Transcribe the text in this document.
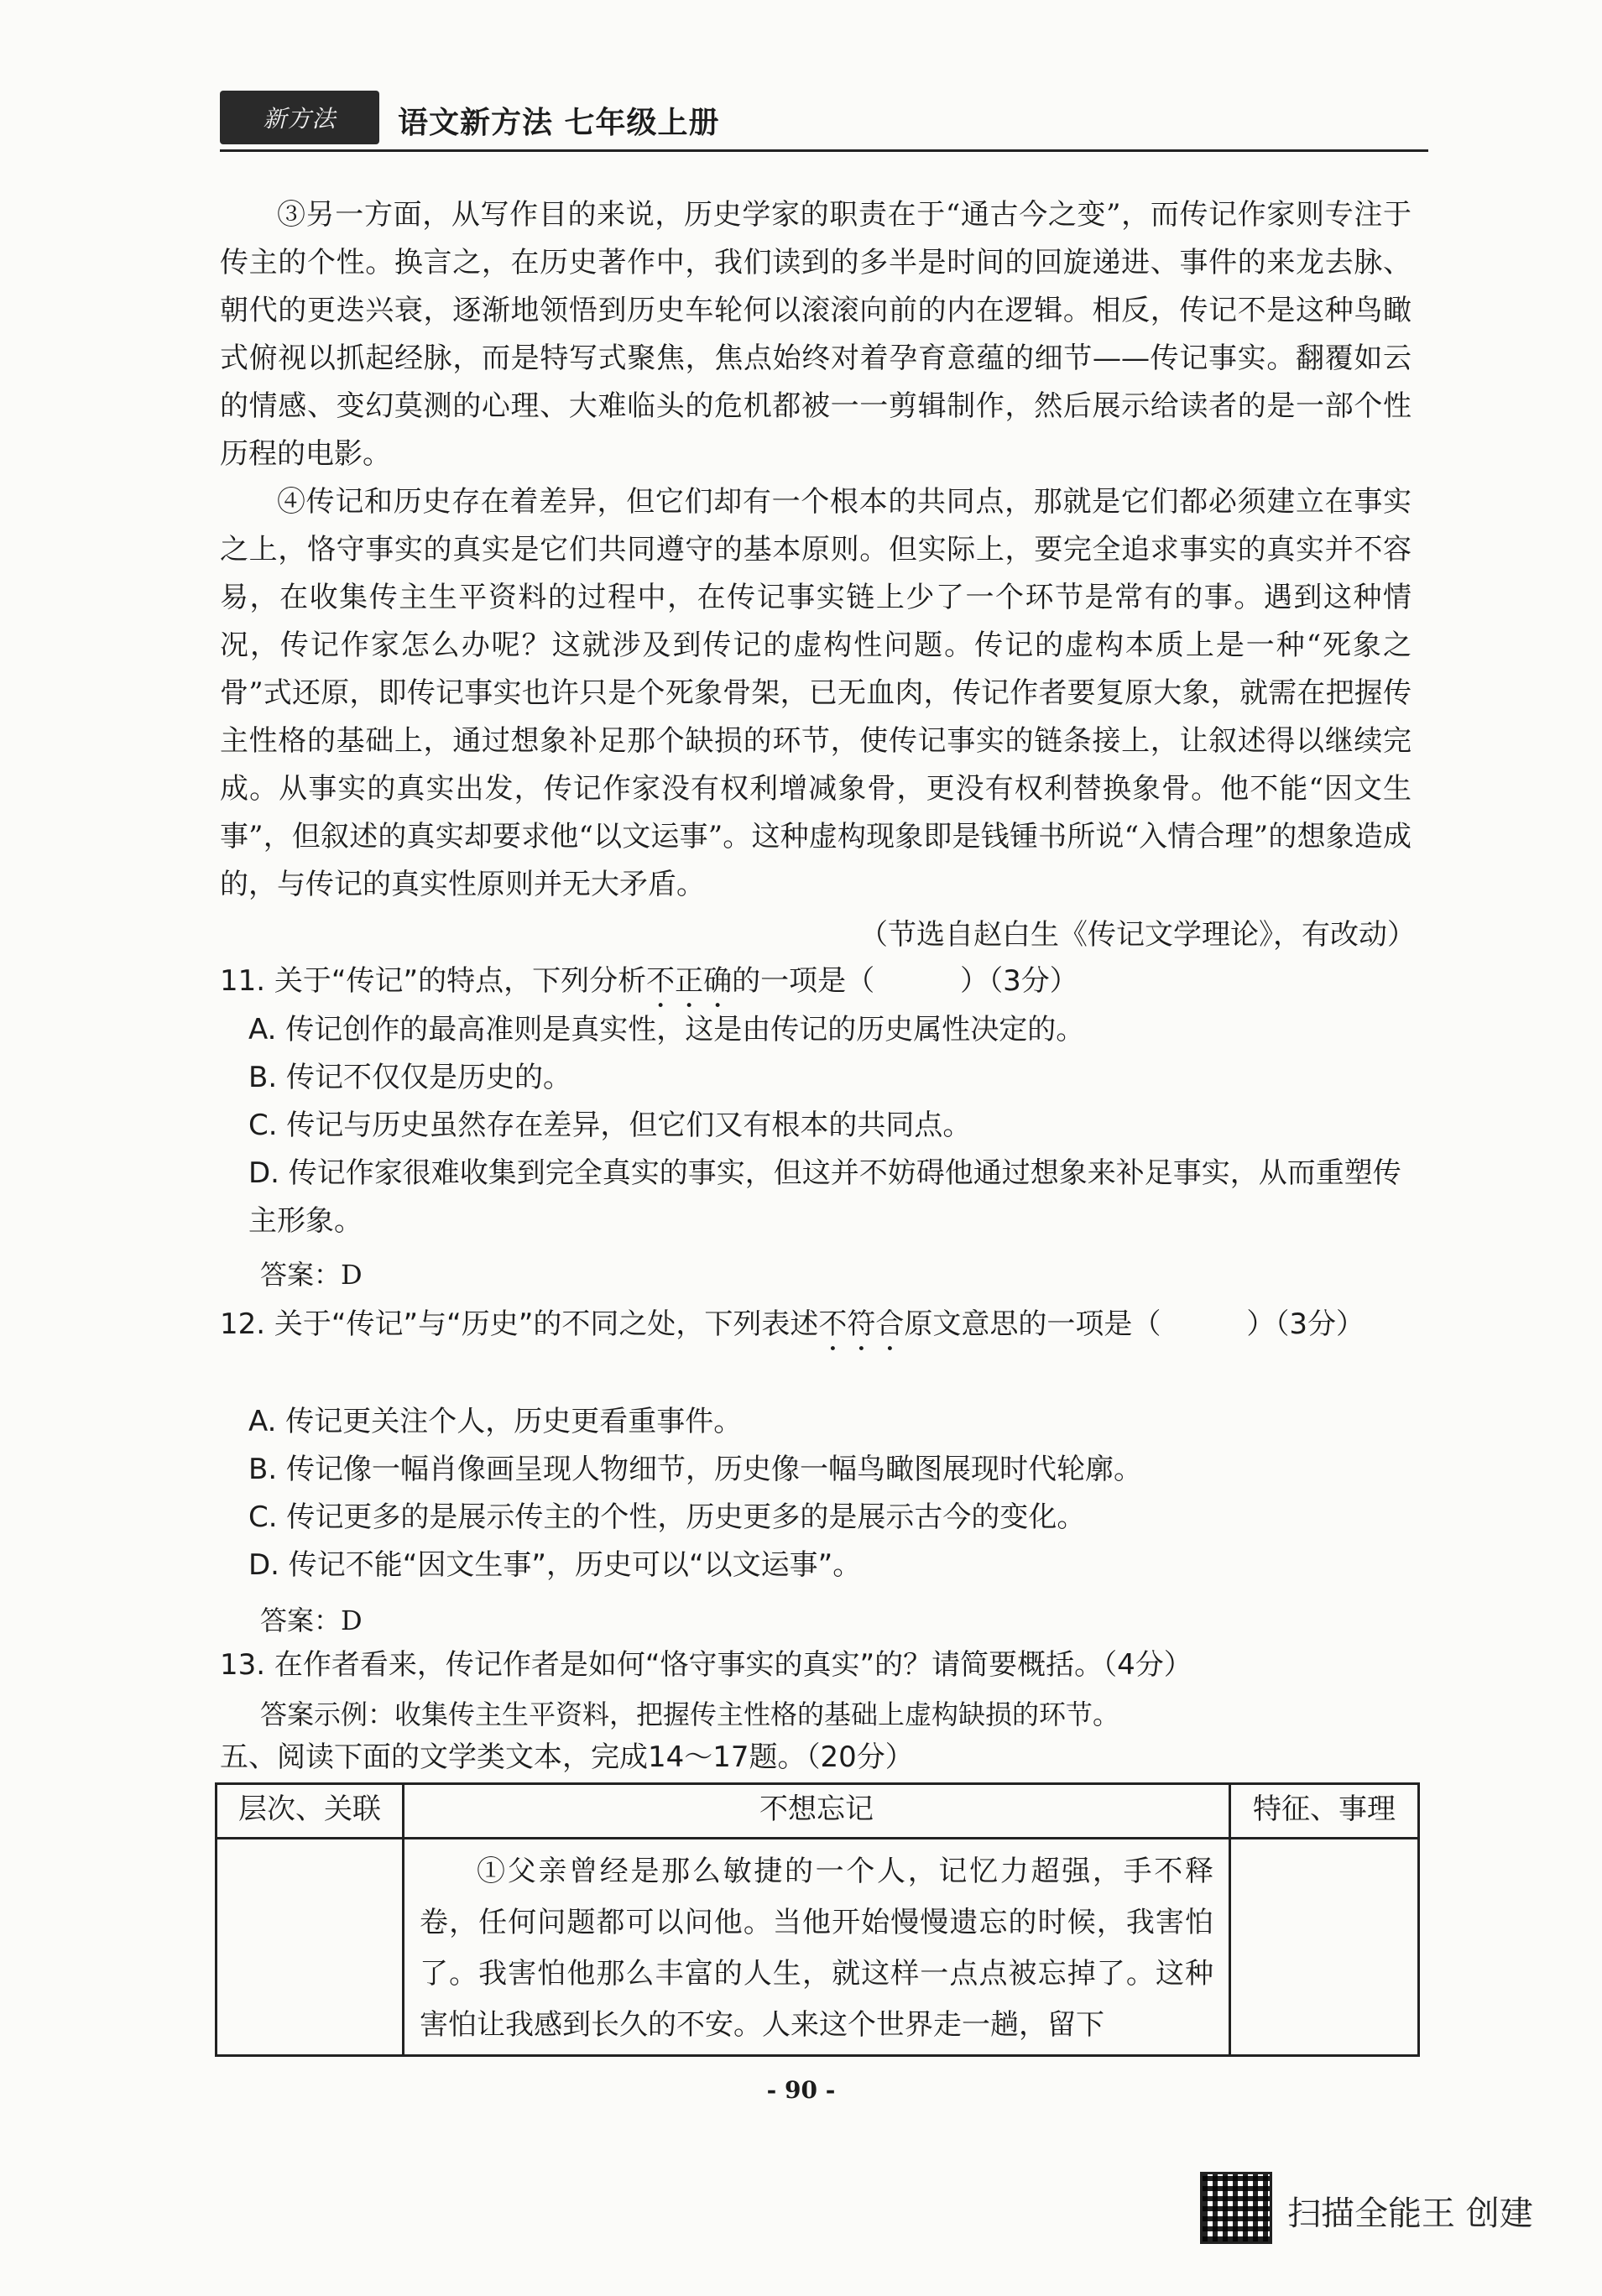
新方法 语文新方法 七年级上册

③另一方面，从写作目的来说，历史学家的职责在于“通古今之变”，而传记作家则专注于传主的个性。换言之，在历史著作中，我们读到的多半是时间的回旋递进、事件的来龙去脉、朝代的更迭兴衰，逐渐地领悟到历史车轮何以滚滚向前的内在逻辑。相反，传记不是这种鸟瞰式俯视以抓起经脉，而是特写式聚焦，焦点始终对着孕育意蕴的细节——传记事实。翻覆如云的情感、变幻莫测的心理、大难临头的危机都被一一剪辑制作，然后展示给读者的是一部个性历程的电影。

④传记和历史存在着差异，但它们却有一个根本的共同点，那就是它们都必须建立在事实之上，恪守事实的真实是它们共同遵守的基本原则。但实际上，要完全追求事实的真实并不容易，在收集传主生平资料的过程中，在传记事实链上少了一个环节是常有的事。遇到这种情况，传记作家怎么办呢？这就涉及到传记的虚构性问题。传记的虚构本质上是一种“死象之骨”式还原，即传记事实也许只是个死象骨架，已无血肉，传记作者要复原大象，就需在把握传主性格的基础上，通过想象补足那个缺损的环节，使传记事实的链条接上，让叙述得以继续完成。从事实的真实出发，传记作家没有权利增减象骨，更没有权利替换象骨。他不能“因文生事”，但叙述的真实却要求他“以文运事”。这种虚构现象即是钱锺书所说“入情合理”的想象造成的，与传记的真实性原则并无大矛盾。

（节选自赵白生《传记文学理论》，有改动）
11. 关于“传记”的特点，下列分析不正确的一项是（　　　）（3分）
A. 传记创作的最高准则是真实性，这是由传记的历史属性决定的。
B. 传记不仅仅是历史的。
C. 传记与历史虽然存在差异，但它们又有根本的共同点。
D. 传记作家很难收集到完全真实的事实，但这并不妨碍他通过想象来补足事实，从而重塑传主形象。
答案：D
12. 关于“传记”与“历史”的不同之处，下列表述不符合原文意思的一项是（　　　）（3分）
A. 传记更关注个人，历史更看重事件。
B. 传记像一幅肖像画呈现人物细节，历史像一幅鸟瞰图展现时代轮廓。
C. 传记更多的是展示传主的个性，历史更多的是展示古今的变化。
D. 传记不能“因文生事”，历史可以“以文运事”。
答案：D
13. 在作者看来，传记作者是如何“恪守事实的真实”的？请简要概括。（4分）
答案示例：收集传主生平资料，把握传主性格的基础上虚构缺损的环节。
五、阅读下面的文学类文本，完成14～17题。（20分）
层次、关联	不想忘记	特征、事理
	①父亲曾经是那么敏捷的一个人，记忆力超强，手不释卷，任何问题都可以问他。当他开始慢慢遗忘的时候，我害怕了。我害怕他那么丰富的人生，就这样一点点被忘掉了。这种害怕让我感到长久的不安。人来这个世界走一趟，留下	
- 90 -
扫描全能王 创建
